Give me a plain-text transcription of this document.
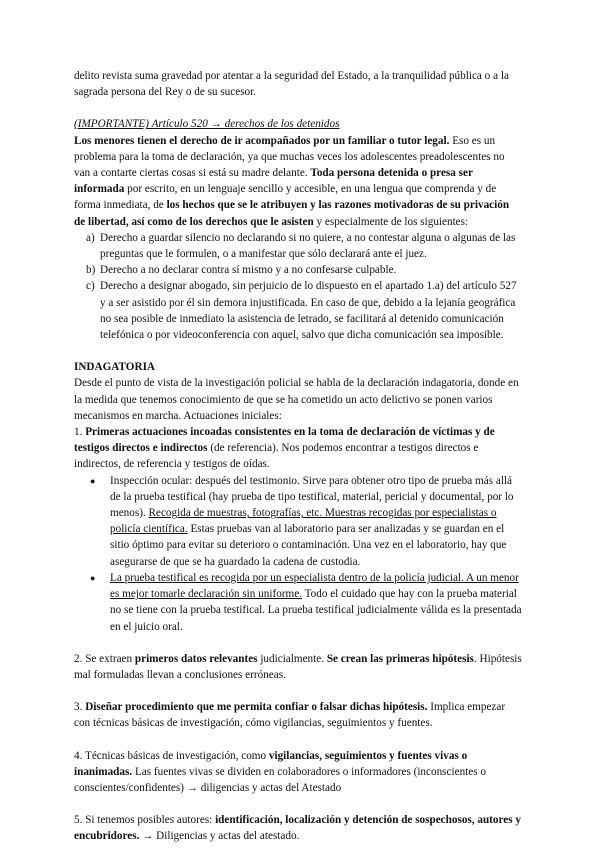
delito revista suma gravedad por atentar a la seguridad del Estado, a la tranquilidad pública o a la sagrada persona del Rey o de su sucesor.

(IMPORTANTE) Artículo 520 → derechos de los detenidos

Los menores tienen el derecho de ir acompañados por un familiar o tutor legal. Eso es un problema para la toma de declaración, ya que muchas veces los adolescentes preadolescentes no van a contarte ciertas cosas si está su madre delante. Toda persona detenida o presa ser informada por escrito, en un lenguaje sencillo y accesible, en una lengua que comprenda y de forma inmediata, de los hechos que se le atribuyen y las razones motivadoras de su privación de libertad, así como de los derechos que le asisten y especialmente de los siguientes:

a) Derecho a guardar silencio no declarando si no quiere, a no contestar alguna o algunas de las preguntas que le formulen, o a manifestar que sólo declarará ante el juez.
b) Derecho a no declarar contra sí mismo y a no confesarse culpable.
c) Derecho a designar abogado, sin perjuicio de lo dispuesto en el apartado 1.a) del artículo 527 y a ser asistido por él sin demora injustificada. En caso de que, debido a la lejanía geográfica no sea posible de inmediato la asistencia de letrado, se facilitará al detenido comunicación telefónica o por videoconferencia con aquel, salvo que dicha comunicación sea imposible.

INDAGATORIA

Desde el punto de vista de la investigación policial se habla de la declaración indagatoria, donde en la medida que tenemos conocimiento de que se ha cometido un acto delictivo se ponen varios mecanismos en marcha. Actuaciones iniciales:

1. Primeras actuaciones incoadas consistentes en la toma de declaración de víctimas y de testigos directos e indirectos (de referencia). Nos podemos encontrar a testigos directos e indirectos, de referencia y testigos de oídas.

● Inspección ocular: después del testimonio. Sirve para obtener otro tipo de prueba más allá de la prueba testifical (hay prueba de tipo testifical, material, pericial y documental, por lo menos). Recogida de muestras, fotografías, etc. Muestras recogidas por especialistas o policía científica. Estas pruebas van al laboratorio para ser analizadas y se guardan en el sitio óptimo para evitar su deterioro o contaminación. Una vez en el laboratorio, hay que asegurarse de que se ha guardado la cadena de custodia.
● La prueba testifical es recogida por un especialista dentro de la policía judicial. A un menor es mejor tomarle declaración sin uniforme. Todo el cuidado que hay con la prueba material no se tiene con la prueba testifical. La prueba testifical judicialmente válida es la presentada en el juicio oral.

2. Se extraen primeros datos relevantes judicialmente. Se crean las primeras hipótesis. Hipótesis mal formuladas llevan a conclusiones erróneas.

3. Diseñar procedimiento que me permita confiar o falsar dichas hipótesis. Implica empezar con técnicas básicas de investigación, cómo vigilancias, seguimientos y fuentes.

4. Técnicas básicas de investigación, como vigilancias, seguimientos y fuentes vivas o inanimadas. Las fuentes vivas se dividen en colaboradores o informadores (inconscientes o conscientes/confidentes) → diligencias y actas del Atestado

5. Si tenemos posibles autores: identificación, localización y detención de sospechosos, autores y encubridores. → Diligencias y actas del atestado.
